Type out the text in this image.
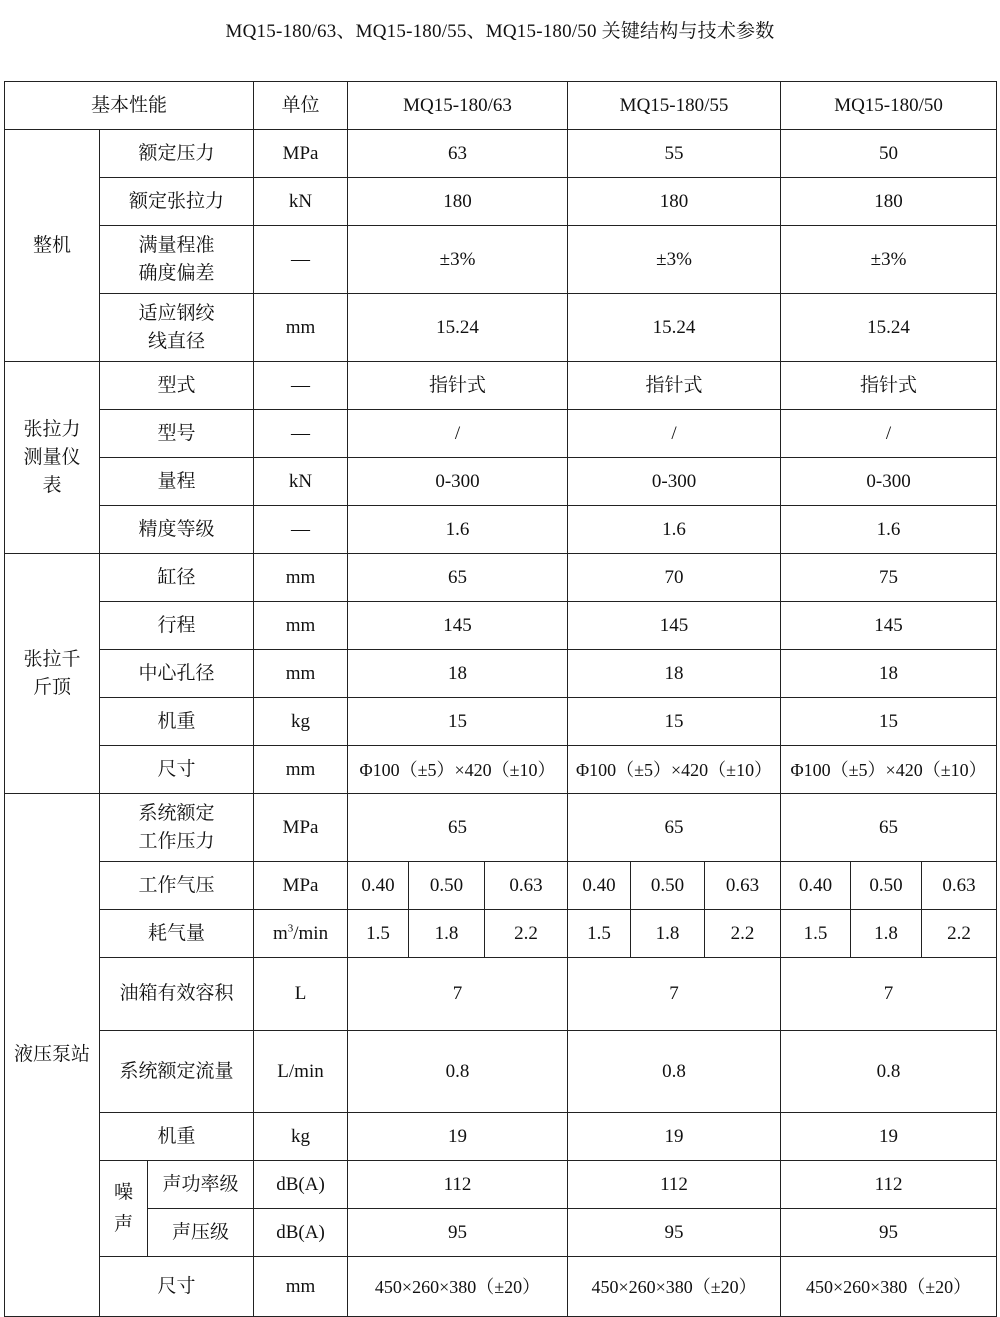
MQ15-180/63、MQ15-180/55、MQ15-180/50 关键结构与技术参数
基本性能			单位	MQ15-180/63			MQ15-180/55			MQ15-180/50		
整机	额定压力		MPa	63			55			50		
	额定张拉力		kN	180			180			180		
	满量程准确度偏差		—	±3%			±3%			±3%		
	适应钢绞线直径		mm	15.24			15.24			15.24		
张拉力测量仪表	型式		—	指针式			指针式			指针式		
	型号		—	/			/			/		
	量程		kN	0-300			0-300			0-300		
	精度等级		—	1.6			1.6			1.6		
张拉千斤顶	缸径		mm	65			70			75		
	行程		mm	145			145			145		
	中心孔径		mm	18			18			18		
	机重		kg	15			15			15		
	尺寸		mm	Φ100（±5）×420（±10）			Φ100（±5）×420（±10）			Φ100（±5）×420（±10）		
液压泵站	系统额定工作压力		MPa	65			65			65		
	工作气压		MPa	0.40	0.50	0.63	0.40	0.50	0.63	0.40	0.50	0.63
	耗气量		$m^3/\min$	1.5	1.8	2.2	1.5	1.8	2.2	1.5	1.8	2.2
	油箱有效容积		L	7			7			7		
	系统额定流量		L/min	0.8			0.8			0.8		
	机重		kg	19			19			19		
	噪声	声功率级	dB(A)	112			112			112		
		声压级	dB(A)	95			95			95		
	尺寸		mm	450×260×380（±20）			450×260×380（±20）			450×260×380（±20）		
